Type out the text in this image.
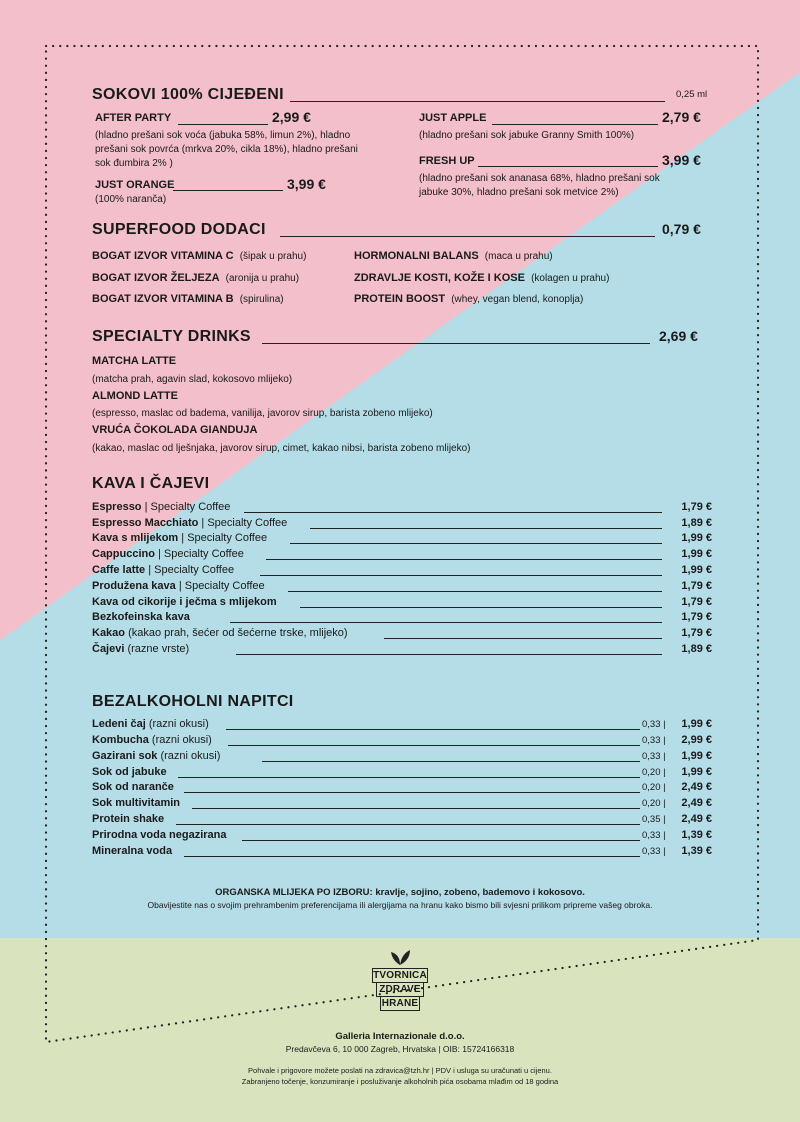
SOKOVI 100% CIJEĐENI	0,25 ml
AFTER PARTY	2,99 €
(hladno prešani sok voća (jabuka 58%, limun 2%), hladno
prešani sok povrća (mrkva 20%, cikla 18%), hladno prešani
sok đumbira 2% )
JUST ORANGE	3,99 €
(100% naranča)
JUST APPLE	2,79 €
(hladno prešani sok jabuke Granny Smith 100%)
FRESH UP	3,99 €
(hladno prešani sok ananasa 68%, hladno prešani sok
jabuke 30%, hladno prešani sok metvice 2%)
SUPERFOOD DODACI	0,79 €
BOGAT IZVOR VITAMINA C (šipak u prahu)
BOGAT IZVOR ŽELJEZA (aronija u prahu)
BOGAT IZVOR VITAMINA B (spirulina)
HORMONALNI BALANS (maca u prahu)
ZDRAVLJE KOSTI, KOŽE I KOSE (kolagen u prahu)
PROTEIN BOOST (whey, vegan blend, konoplja)
SPECIALTY DRINKS	2,69 €
MATCHA LATTE
(matcha prah, agavin slad, kokosovo mlijeko)
ALMOND LATTE
(espresso, maslac od badema, vanilija, javorov sirup, barista zobeno mlijeko)
VRUĆA ČOKOLADA GIANDUJA
(kakao, maslac od lješnjaka, javorov sirup, cimet, kakao nibsi, barista zobeno mlijeko)
KAVA I ČAJEVI
Espresso | Specialty Coffee	1,79 €
Espresso Macchiato | Specialty Coffee	1,89 €
Kava s mlijekom | Specialty Coffee	1,99 €
Cappuccino | Specialty Coffee	1,99 €
Caffe latte | Specialty Coffee	1,99 €
Produžena kava | Specialty Coffee	1,79 €
Kava od cikorije i ječma s mlijekom	1,79 €
Bezkofeinska kava	1,79 €
Kakao (kakao prah, šećer od šećerne trske, mlijeko)	1,79 €
Čajevi (razne vrste)	1,89 €
BEZALKOHOLNI NAPITCI
Ledeni čaj (razni okusi)	0,33 | 1,99 €
Kombucha (razni okusi)	0,33 | 2,99 €
Gazirani sok (razni okusi)	0,33 | 1,99 €
Sok od jabuke	0,20 | 1,99 €
Sok od naranče	0,20 | 2,49 €
Sok multivitamin	0,20 | 2,49 €
Protein shake	0,35 | 2,49 €
Prirodna voda negazirana	0,33 | 1,39 €
Mineralna voda	0,33 | 1,39 €
ORGANSKA MLIJEKA PO IZBORU: kravlje, sojino, zobeno, bademovo i kokosovo.
Obavijestite nas o svojim prehrambenim preferencijama ili alergijama na hranu kako bismo bili svjesni prilikom pripreme vašeg obroka.
TVORNICA
ZDRAVE
HRANE
Galleria Internazionale d.o.o.
Predavčeva 6, 10 000 Zagreb, Hrvatska | OIB: 15724166318
Pohvale i prigovore možete poslati na zdravica@tzh.hr | PDV i usluga su uračunati u cijenu.
Zabranjeno točenje, konzumiranje i posluživanje alkoholnih pića osobama mlađim od 18 godina
